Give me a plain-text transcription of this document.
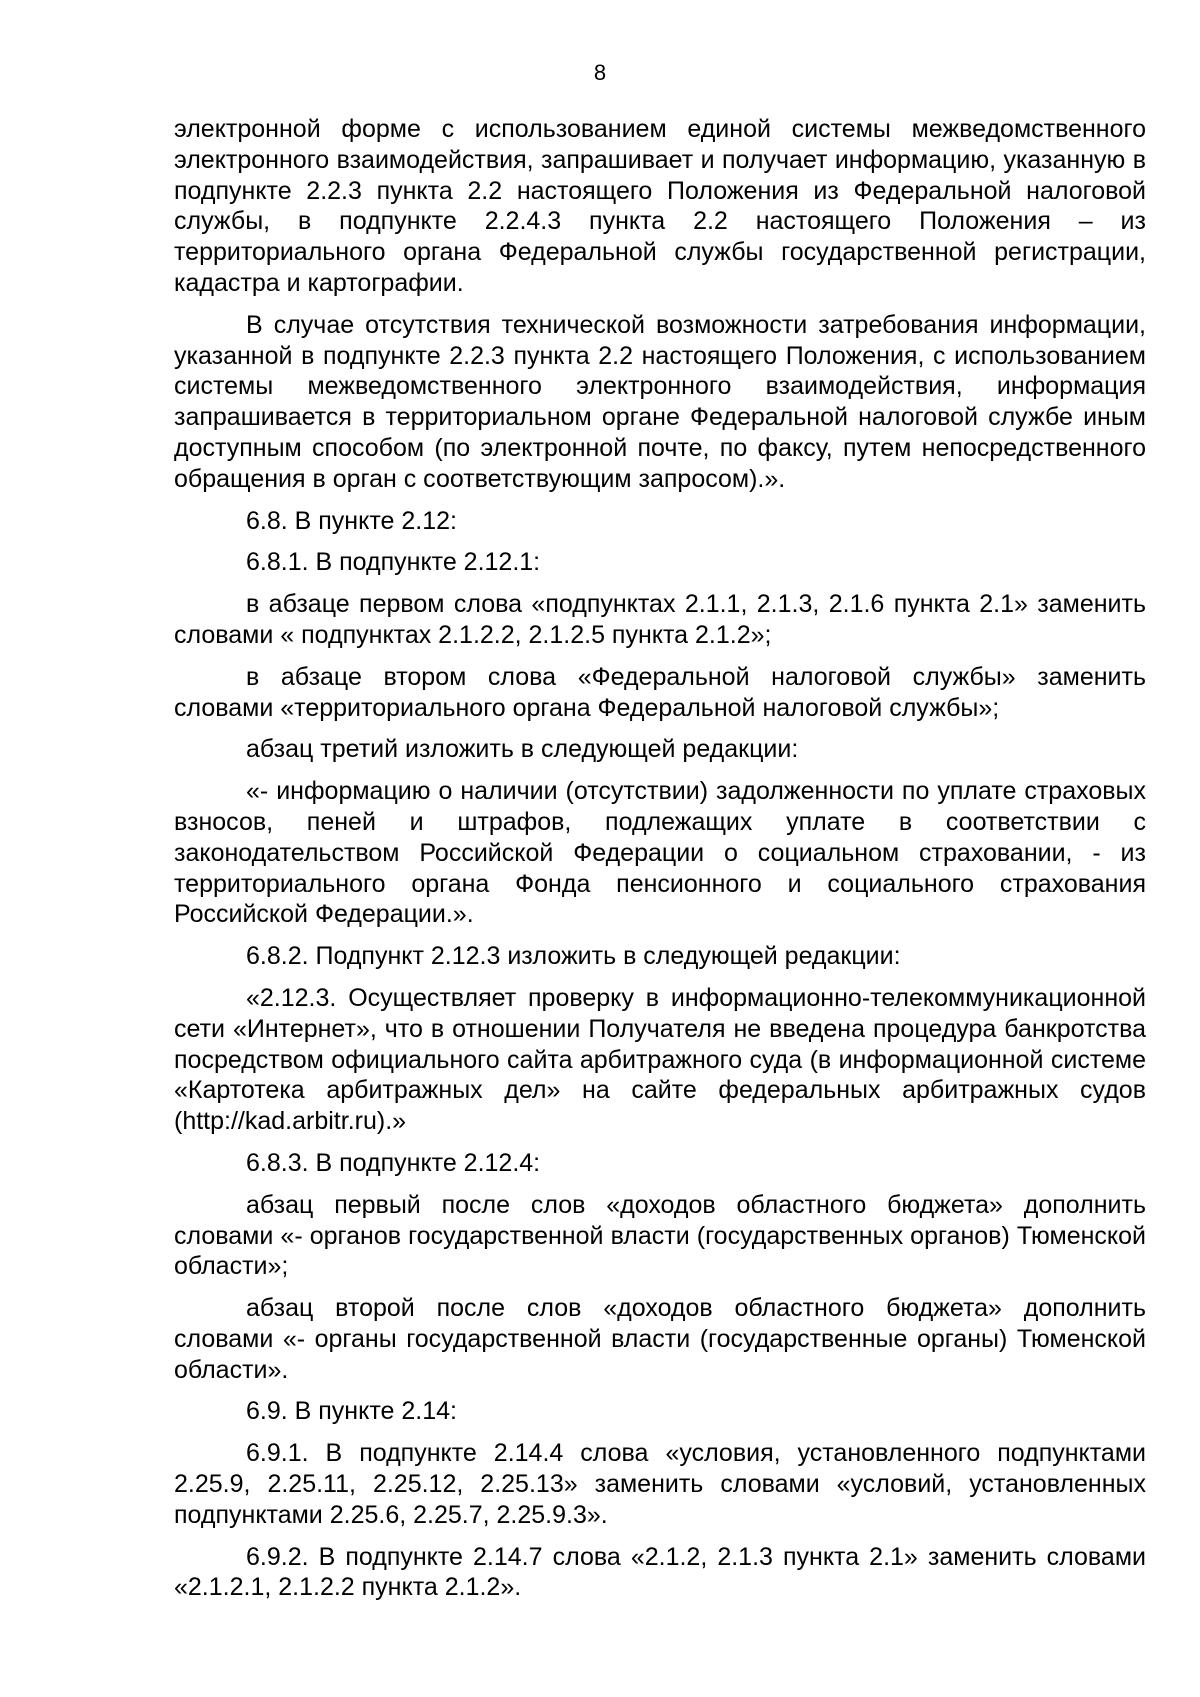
8

электронной форме с использованием единой системы межведомственного электронного взаимодействия, запрашивает и получает информацию, указанную в подпункте 2.2.3 пункта 2.2 настоящего Положения из Федеральной налоговой службы, в подпункте 2.2.4.3 пункта 2.2 настоящего Положения – из территориального органа Федеральной службы государственной регистрации, кадастра и картографии.

В случае отсутствия технической возможности затребования информации, указанной в подпункте 2.2.3 пункта 2.2 настоящего Положения, с использованием системы межведомственного электронного взаимодействия, информация запрашивается в территориальном органе Федеральной налоговой службе иным доступным способом (по электронной почте, по факсу, путем непосредственного обращения в орган с соответствующим запросом).».

6.8. В пункте 2.12:

6.8.1. В подпункте 2.12.1:

в абзаце первом слова «подпунктах 2.1.1, 2.1.3, 2.1.6 пункта 2.1» заменить словами « подпунктах 2.1.2.2, 2.1.2.5 пункта 2.1.2»;

в абзаце втором слова «Федеральной налоговой службы» заменить словами «территориального органа Федеральной налоговой службы»;

абзац третий изложить в следующей редакции:

«- информацию о наличии (отсутствии) задолженности по уплате страховых взносов, пеней и штрафов, подлежащих уплате в соответствии с законодательством Российской Федерации о социальном страховании, - из территориального органа Фонда пенсионного и социального страхования Российской Федерации.».

6.8.2. Подпункт 2.12.3 изложить в следующей редакции:

«2.12.3. Осуществляет проверку в информационно-телекоммуникационной сети «Интернет», что в отношении Получателя не введена процедура банкротства посредством официального сайта арбитражного суда (в информационной системе «Картотека арбитражных дел» на сайте федеральных арбитражных судов (http://kad.arbitr.ru).»

6.8.3. В подпункте 2.12.4:

абзац первый после слов «доходов областного бюджета» дополнить словами «- органов государственной власти (государственных органов) Тюменской области»;

абзац второй после слов «доходов областного бюджета» дополнить словами «- органы государственной власти (государственные органы) Тюменской области».

6.9. В пункте 2.14:

6.9.1. В подпункте 2.14.4 слова «условия, установленного подпунктами 2.25.9, 2.25.11, 2.25.12, 2.25.13» заменить словами «условий, установленных подпунктами 2.25.6, 2.25.7, 2.25.9.3».

6.9.2. В подпункте 2.14.7 слова «2.1.2, 2.1.3 пункта 2.1» заменить словами «2.1.2.1, 2.1.2.2 пункта 2.1.2».
